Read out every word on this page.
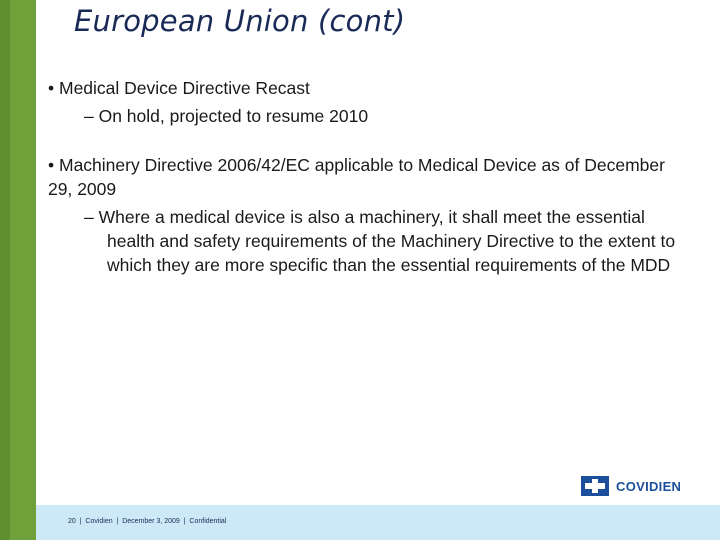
European Union (cont)

• Medical Device Directive Recast

– On hold, projected to resume 2010

• Machinery Directive 2006/42/EC applicable to Medical Device as of December 29, 2009

– Where a medical device is also a machinery, it shall meet the essential health and safety requirements of the Machinery Directive to the extent to which they are more specific than the essential requirements of the MDD

COVIDIEN
20  |  Covidien  |  December 3, 2009  |  Confidential
